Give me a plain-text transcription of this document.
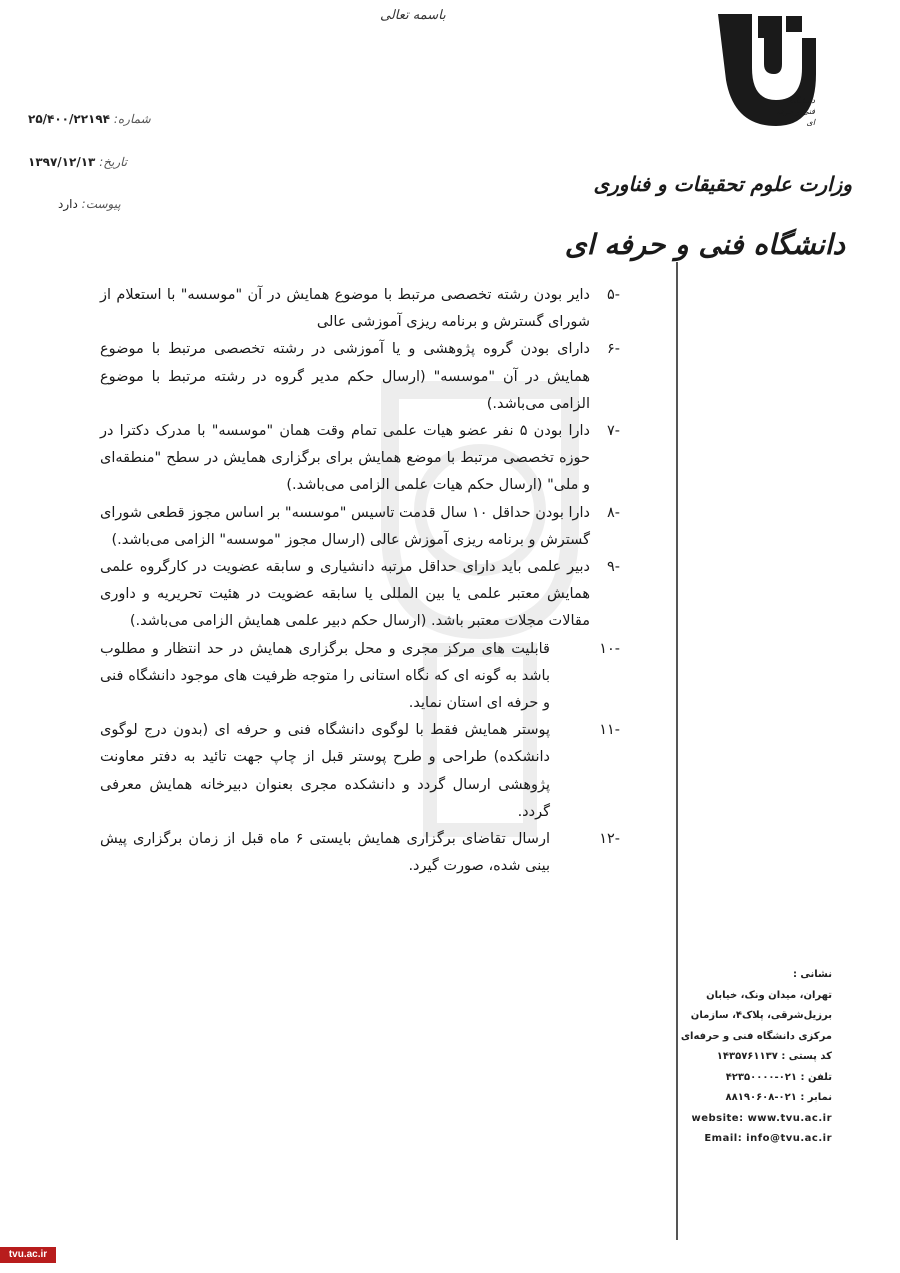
باسمه تعالی
شماره: ۲۵/۴۰۰/۲۲۱۹۴
تاریخ: ۱۳۹۷/۱۲/۱۳
پیوست: دارد
دانشگاه فنی و حرفه ای
وزارت علوم تحقیقات و فناوری
دانشگاه فنی و حرفه ای
-۵
دایر بودن رشته تخصصی مرتبط با موضوع همایش در آن "موسسه" با استعلام از شورای گسترش و برنامه ریزی آموزشی عالی
-۶
دارای بودن گروه پژوهشی و یا آموزشی در رشته تخصصی مرتبط با موضوع همایش در آن "موسسه" (ارسال حکم مدیر گروه در رشته مرتبط با موضوع الزامی می‌باشد.)
-۷
دارا بودن ۵ نفر عضو هیات علمی تمام وقت همان "موسسه" با مدرک دکترا در حوزه تخصصی مرتبط با موضع همایش برای برگزاری همایش در سطح "منطقه‌ای و ملی" (ارسال حکم هیات علمی الزامی می‌باشد.)
-۸
دارا بودن حداقل ۱۰ سال قدمت تاسیس "موسسه" بر اساس مجوز قطعی شورای گسترش و برنامه ریزی آموزش عالی (ارسال مجوز "موسسه" الزامی می‌باشد.)
-۹
دبیر علمی باید دارای حداقل مرتبه دانشیاری و سابقه عضویت در کارگروه علمی همایش معتبر علمی یا بین المللی یا سابقه عضویت در هئیت تحریریه و داوری مقالات مجلات معتبر باشد. (ارسال حکم دبیر علمی همایش الزامی می‌باشد.)
-۱۰
قابلیت های مرکز مجری و محل برگزاری همایش در حد انتظار و مطلوب باشد به گونه ای که نگاه استانی را متوجه ظرفیت های موجود دانشگاه فنی و حرفه ای استان نماید.
-۱۱
پوستر همایش فقط با لوگوی دانشگاه فنی و حرفه ای (بدون درج لوگوی دانشکده) طراحی و طرح پوستر قبل از چاپ جهت تائید به دفتر معاونت پژوهشی ارسال گردد و دانشکده مجری بعنوان دبیرخانه همایش معرفی گردد.
-۱۲
ارسال تقاضای برگزاری همایش بایستی ۶ ماه قبل از زمان برگزاری پیش بینی شده، صورت گیرد.
نشانی :
تهران، میدان ونک، خیابان
برزیل‌شرقی، پلاک۴، سازمان
مرکزی دانشگاه فنی و حرفه‌ای
کد پستی : ۱۴۳۵۷۶۱۱۳۷
تلفن : ۰۲۱-۴۲۳۵۰۰۰۰
نمابر : ۰۲۱-۸۸۱۹۰۶۰۸
website: www.tvu.ac.ir
Email: info@tvu.ac.ir
tvu.ac.ir
